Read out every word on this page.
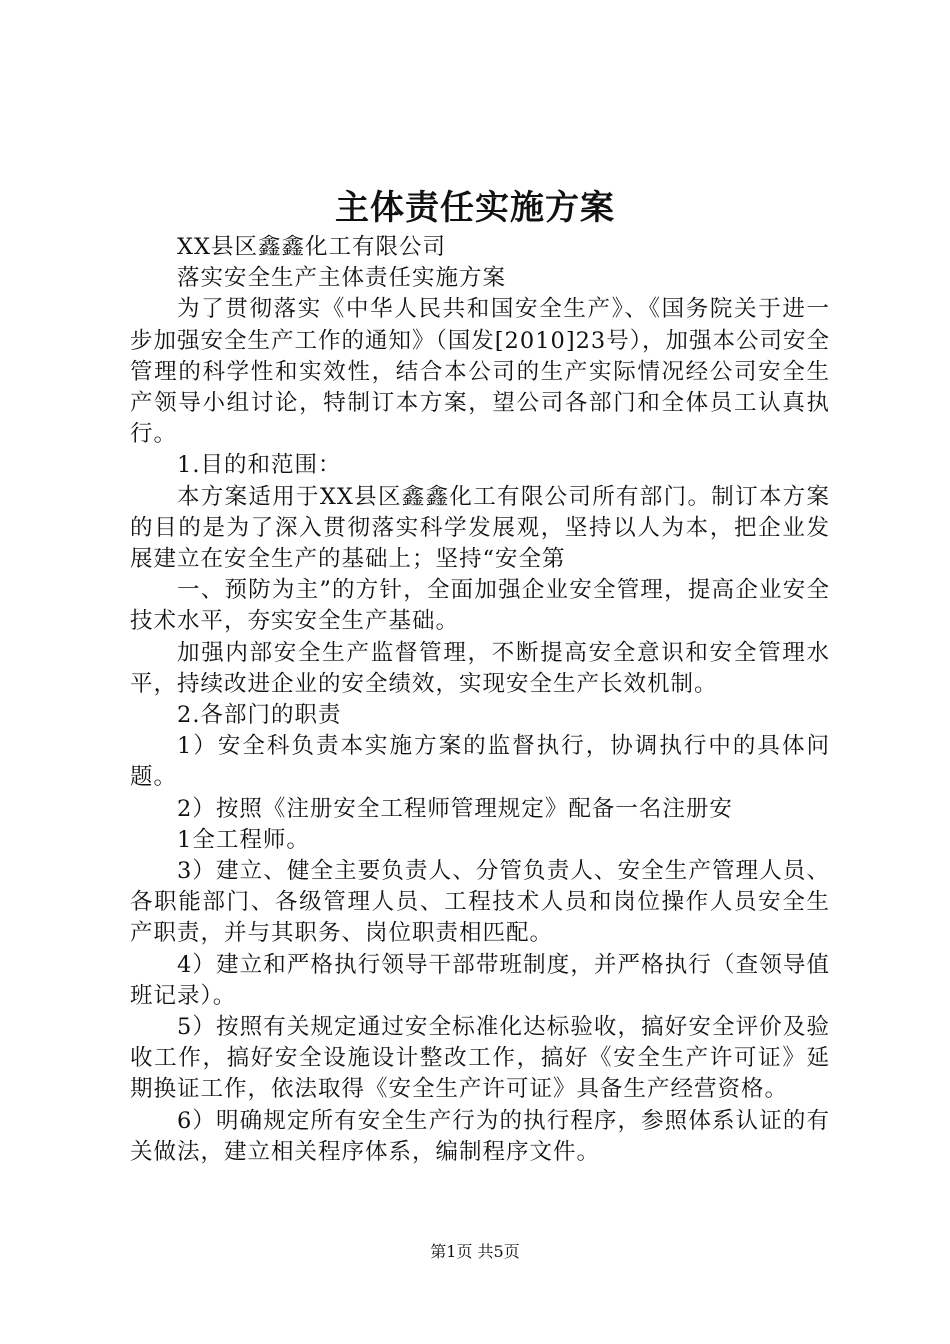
主体责任实施方案

XX县区鑫鑫化工有限公司

落实安全生产主体责任实施方案

为了贯彻落实《中华人民共和国安全生产》、《国务院关于进一步加强安全生产工作的通知》（国发[2010]23号），加强本公司安全管理的科学性和实效性，结合本公司的生产实际情况经公司安全生产领导小组讨论，特制订本方案，望公司各部门和全体员工认真执行。

1.目的和范围：

本方案适用于XX县区鑫鑫化工有限公司所有部门。制订本方案的目的是为了深入贯彻落实科学发展观，坚持以人为本，把企业发展建立在安全生产的基础上；坚持“安全第

一、预防为主”的方针，全面加强企业安全管理，提高企业安全技术水平，夯实安全生产基础。

加强内部安全生产监督管理，不断提高安全意识和安全管理水平，持续改进企业的安全绩效，实现安全生产长效机制。

2.各部门的职责

1）安全科负责本实施方案的监督执行，协调执行中的具体问题。

2）按照《注册安全工程师管理规定》配备一名注册安

1全工程师。

3）建立、健全主要负责人、分管负责人、安全生产管理人员、各职能部门、各级管理人员、工程技术人员和岗位操作人员安全生产职责，并与其职务、岗位职责相匹配。

4）建立和严格执行领导干部带班制度，并严格执行（查领导值班记录）。

5）按照有关规定通过安全标准化达标验收，搞好安全评价及验收工作，搞好安全设施设计整改工作，搞好《安全生产许可证》延期换证工作，依法取得《安全生产许可证》具备生产经营资格。

6）明确规定所有安全生产行为的执行程序，参照体系认证的有关做法，建立相关程序体系，编制程序文件。

第1页 共5页
